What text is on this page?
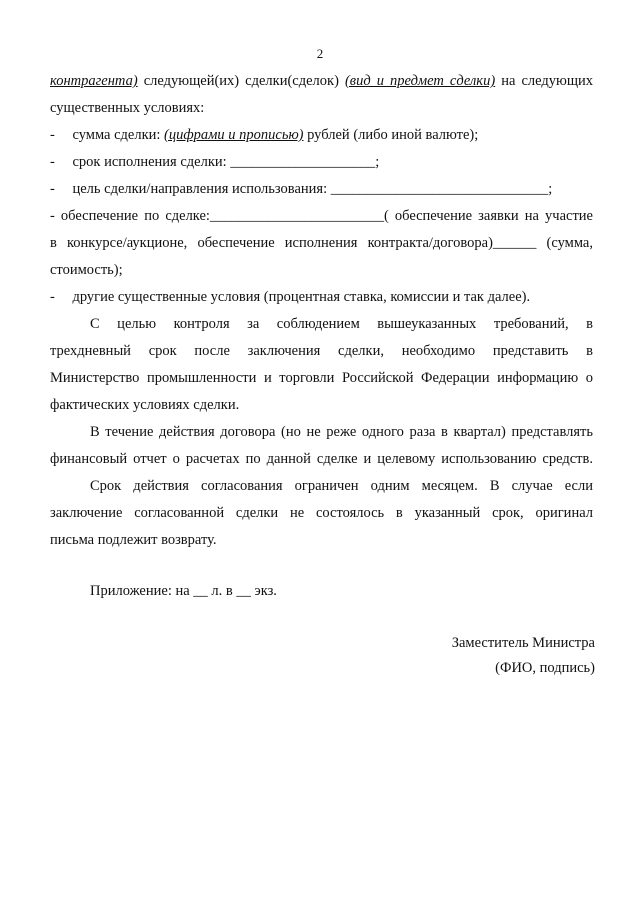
2
контрагента) следующей(их) сделки(сделок) (вид и предмет сделки) на следующих
существенных условиях:
- сумма сделки: (цифрами и прописью) рублей (либо иной валюте);
- срок исполнения сделки: ____________________;
- цель сделки/направления использования: ______________________________;
- обеспечение по сделке:________________________( обеспечение заявки на участие
в конкурсе/аукционе, обеспечение исполнения контракта/договора)______ (сумма,
стоимость);
- другие существенные условия (процентная ставка, комиссии и так далее).
С целью контроля за соблюдением вышеуказанных требований, в
трехдневный срок после заключения сделки, необходимо представить в
Министерство промышленности и торговли Российской Федерации информацию о
фактических условиях сделки.
В течение действия договора (но не реже одного раза в квартал) представлять
финансовый отчет о расчетах по данной сделке и целевому использованию средств.
Срок действия согласования ограничен одним месяцем. В случае если
заключение согласованной сделки не состоялось в указанный срок, оригинал
письма подлежит возврату.
Приложение: на __ л. в __ экз.
Заместитель Министра
(ФИО, подпись)
